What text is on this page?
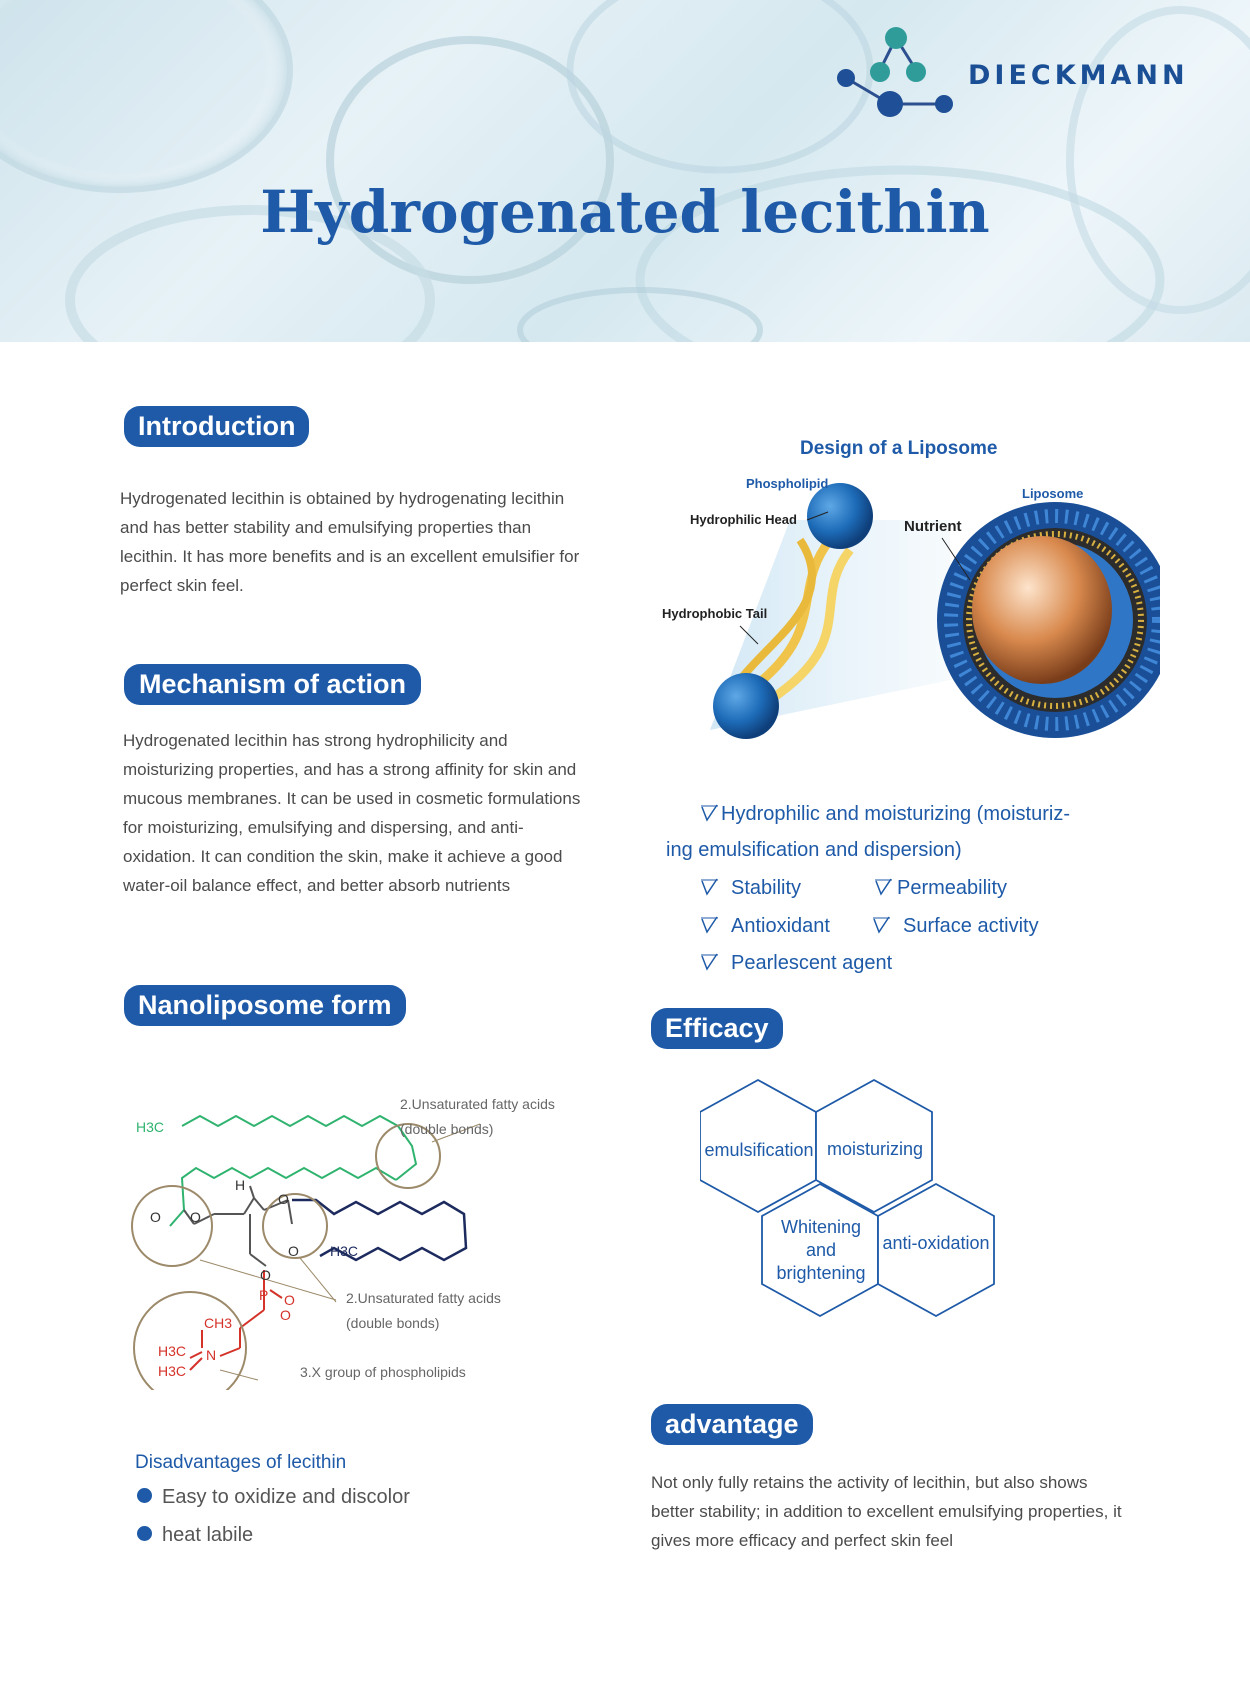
DIECKMANN
Hydrogenated lecithin
Introduction
Hydrogenated lecithin is obtained by hydrogenating lecithin and has better stability and emulsifying properties than lecithin. It has more benefits and is an excellent emulsifier for perfect skin feel.
Mechanism of action
Hydrogenated lecithin has strong hydrophilicity and moisturizing properties, and has a strong affinity for skin and mucous membranes. It can be used in cosmetic formulations for moisturizing, emulsifying and dispersing, and anti-oxidation. It can condition the skin, make it achieve a good water-oil balance effect, and better absorb nutrients
Nanoliposome form
H3C
H
O O
O
O
O
H3C
P O
O
CH3
N
H3C
H3C
2.Unsaturated fatty acids (double bonds)
2.Unsaturated fatty acids (double bonds)
3.X group of phospholipids
Disadvantages of lecithin
Easy to oxidize and discolor
heat labile
Design of a Liposome
Phospholipid
Hydrophilic Head
Hydrophobic Tail
Liposome
Nutrient
Hydrophilic and moisturizing (moisturiz-
ing emulsification and dispersion)
Stability	Permeability
Antioxidant	Surface activity
Pearlescent agent
Efficacy
emulsification moisturizing
Whitening and brightening
anti-oxidation
advantage
Not only fully retains the activity of lecithin, but also shows better stability; in addition to excellent emulsifying properties, it gives more efficacy and perfect skin feel
